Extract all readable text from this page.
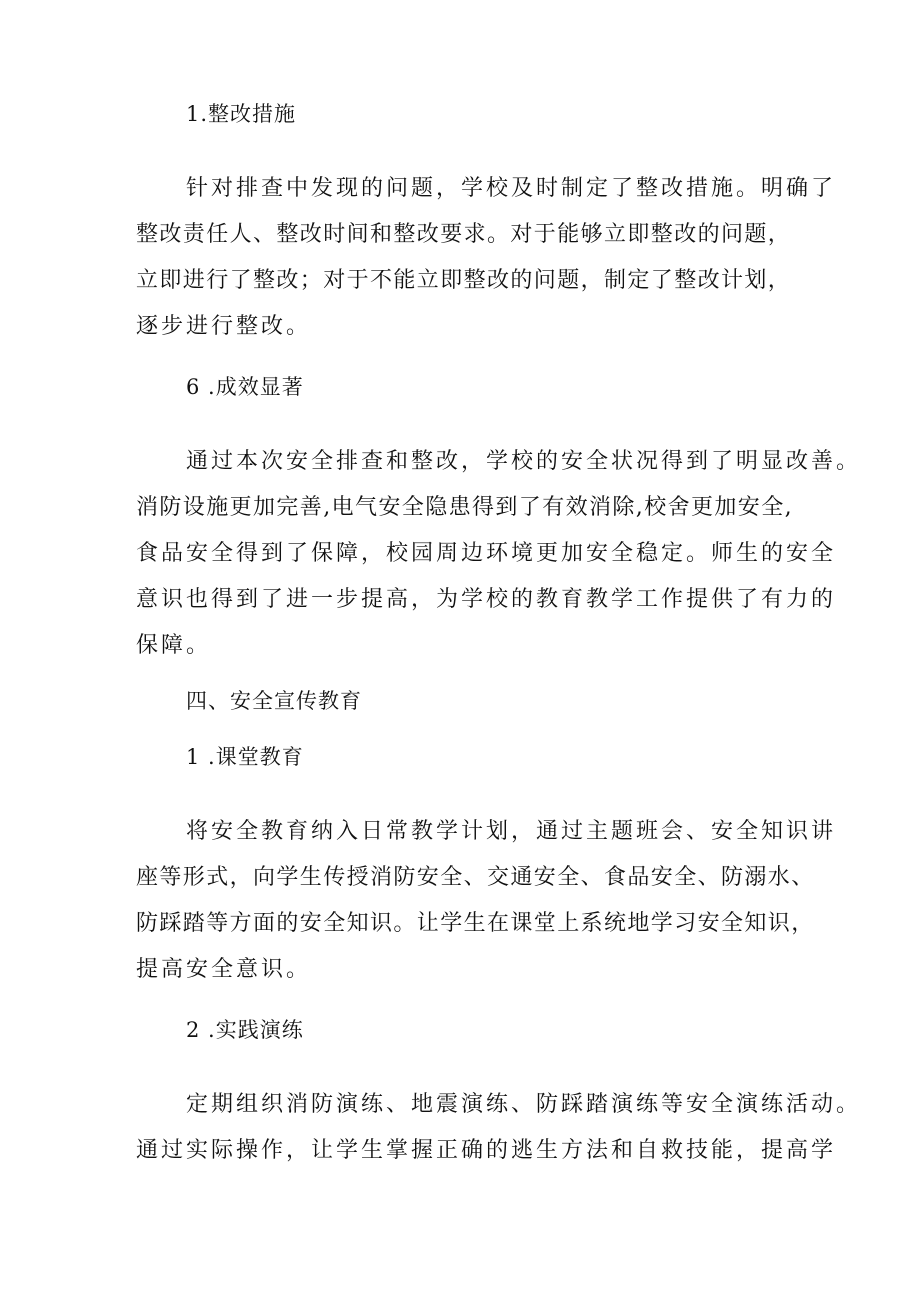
1.整改措施
针对排查中发现的问题，学校及时制定了整改措施。明确了
整改责任人、整改时间和整改要求。对于能够立即整改的问题，
立即进行了整改；对于不能立即整改的问题，制定了整改计划，
逐步进行整改。
6 .成效显著
通过本次安全排查和整改，学校的安全状况得到了明显改善。
消防设施更加完善,电气安全隐患得到了有效消除,校舍更加安全,
食品安全得到了保障，校园周边环境更加安全稳定。师生的安全
意识也得到了进一步提高，为学校的教育教学工作提供了有力的
保障。
四、安全宣传教育
1 .课堂教育
将安全教育纳入日常教学计划，通过主题班会、安全知识讲
座等形式，向学生传授消防安全、交通安全、食品安全、防溺水、
防踩踏等方面的安全知识。让学生在课堂上系统地学习安全知识，
提高安全意识。
2 .实践演练
定期组织消防演练、地震演练、防踩踏演练等安全演练活动。
通过实际操作，让学生掌握正确的逃生方法和自救技能，提高学
